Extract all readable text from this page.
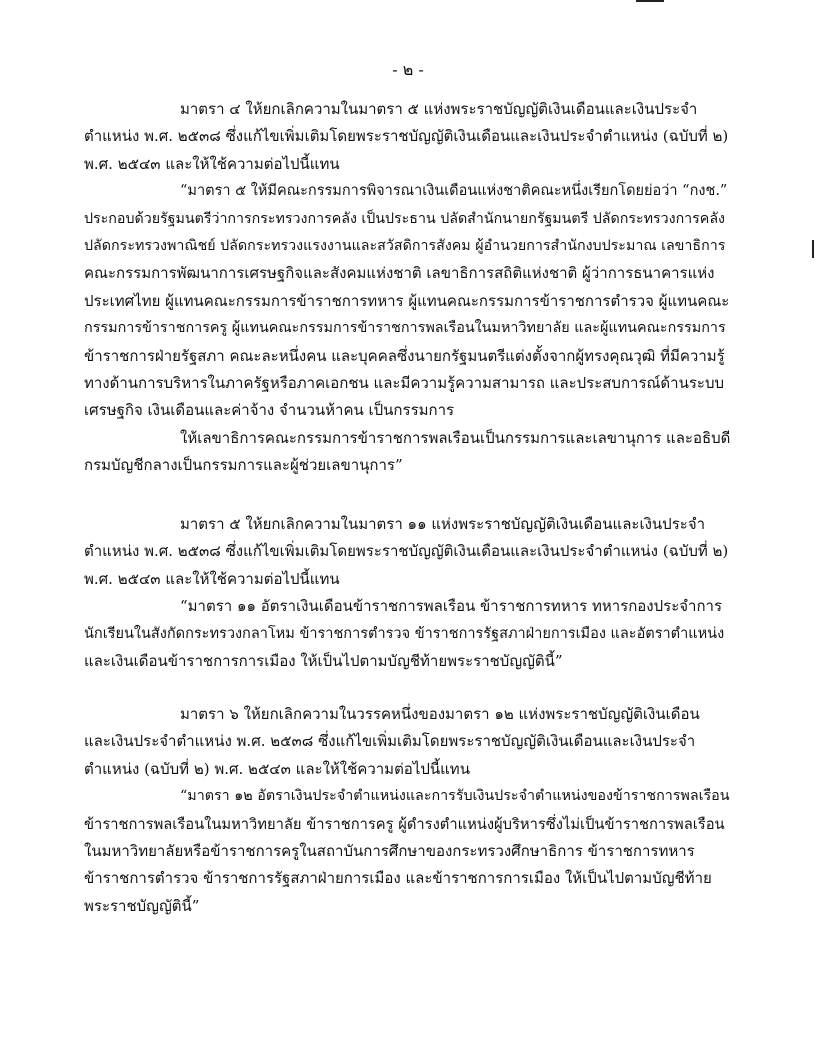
- ๒ -
มาตรา ๔ ให้ยกเลิกความในมาตรา ๕ แห่งพระราชบัญญัติเงินเดือนและเงินประจำ
ตำแหน่ง พ.ศ. ๒๕๓๘ ซึ่งแก้ไขเพิ่มเติมโดยพระราชบัญญัติเงินเดือนและเงินประจำตำแหน่ง (ฉบับที่ ๒)
พ.ศ. ๒๕๔๓ และให้ใช้ความต่อไปนี้แทน
“มาตรา ๕ ให้มีคณะกรรมการพิจารณาเงินเดือนแห่งชาติคณะหนึ่งเรียกโดยย่อว่า “กงช.”
ประกอบด้วยรัฐมนตรีว่าการกระทรวงการคลัง เป็นประธาน ปลัดสำนักนายกรัฐมนตรี ปลัดกระทรวงการคลัง
ปลัดกระทรวงพาณิชย์ ปลัดกระทรวงแรงงานและสวัสดิการสังคม ผู้อำนวยการสำนักงบประมาณ เลขาธิการ
คณะกรรมการพัฒนาการเศรษฐกิจและสังคมแห่งชาติ เลขาธิการสถิติแห่งชาติ ผู้ว่าการธนาคารแห่ง
ประเทศไทย ผู้แทนคณะกรรมการข้าราชการทหาร ผู้แทนคณะกรรมการข้าราชการตำรวจ ผู้แทนคณะ
กรรมการข้าราชการครู ผู้แทนคณะกรรมการข้าราชการพลเรือนในมหาวิทยาลัย และผู้แทนคณะกรรมการ
ข้าราชการฝ่ายรัฐสภา คณะละหนึ่งคน และบุคคลซึ่งนายกรัฐมนตรีแต่งตั้งจากผู้ทรงคุณวุฒิ ที่มีความรู้
ทางด้านการบริหารในภาครัฐหรือภาคเอกชน และมีความรู้ความสามารถ และประสบการณ์ด้านระบบ
เศรษฐกิจ เงินเดือนและค่าจ้าง จำนวนห้าคน เป็นกรรมการ
ให้เลขาธิการคณะกรรมการข้าราชการพลเรือนเป็นกรรมการและเลขานุการ และอธิบดี
กรมบัญชีกลางเป็นกรรมการและผู้ช่วยเลขานุการ”
มาตรา ๕ ให้ยกเลิกความในมาตรา ๑๑ แห่งพระราชบัญญัติเงินเดือนและเงินประจำ
ตำแหน่ง พ.ศ. ๒๕๓๘ ซึ่งแก้ไขเพิ่มเติมโดยพระราชบัญญัติเงินเดือนและเงินประจำตำแหน่ง (ฉบับที่ ๒)
พ.ศ. ๒๕๔๓ และให้ใช้ความต่อไปนี้แทน
“มาตรา ๑๑ อัตราเงินเดือนข้าราชการพลเรือน ข้าราชการทหาร ทหารกองประจำการ
นักเรียนในสังกัดกระทรวงกลาโหม ข้าราชการตำรวจ ข้าราชการรัฐสภาฝ่ายการเมือง และอัตราตำแหน่ง
และเงินเดือนข้าราชการการเมือง ให้เป็นไปตามบัญชีท้ายพระราชบัญญัตินี้”
มาตรา ๖ ให้ยกเลิกความในวรรคหนึ่งของมาตรา ๑๒ แห่งพระราชบัญญัติเงินเดือน
และเงินประจำตำแหน่ง พ.ศ. ๒๕๓๘ ซึ่งแก้ไขเพิ่มเติมโดยพระราชบัญญัติเงินเดือนและเงินประจำ
ตำแหน่ง (ฉบับที่ ๒) พ.ศ. ๒๕๔๓ และให้ใช้ความต่อไปนี้แทน
“มาตรา ๑๒ อัตราเงินประจำตำแหน่งและการรับเงินประจำตำแหน่งของข้าราชการพลเรือน
ข้าราชการพลเรือนในมหาวิทยาลัย ข้าราชการครู ผู้ดำรงตำแหน่งผู้บริหารซึ่งไม่เป็นข้าราชการพลเรือน
ในมหาวิทยาลัยหรือข้าราชการครูในสถาบันการศึกษาของกระทรวงศึกษาธิการ ข้าราชการทหาร
ข้าราชการตำรวจ ข้าราชการรัฐสภาฝ่ายการเมือง และข้าราชการการเมือง ให้เป็นไปตามบัญชีท้าย
พระราชบัญญัตินี้”
